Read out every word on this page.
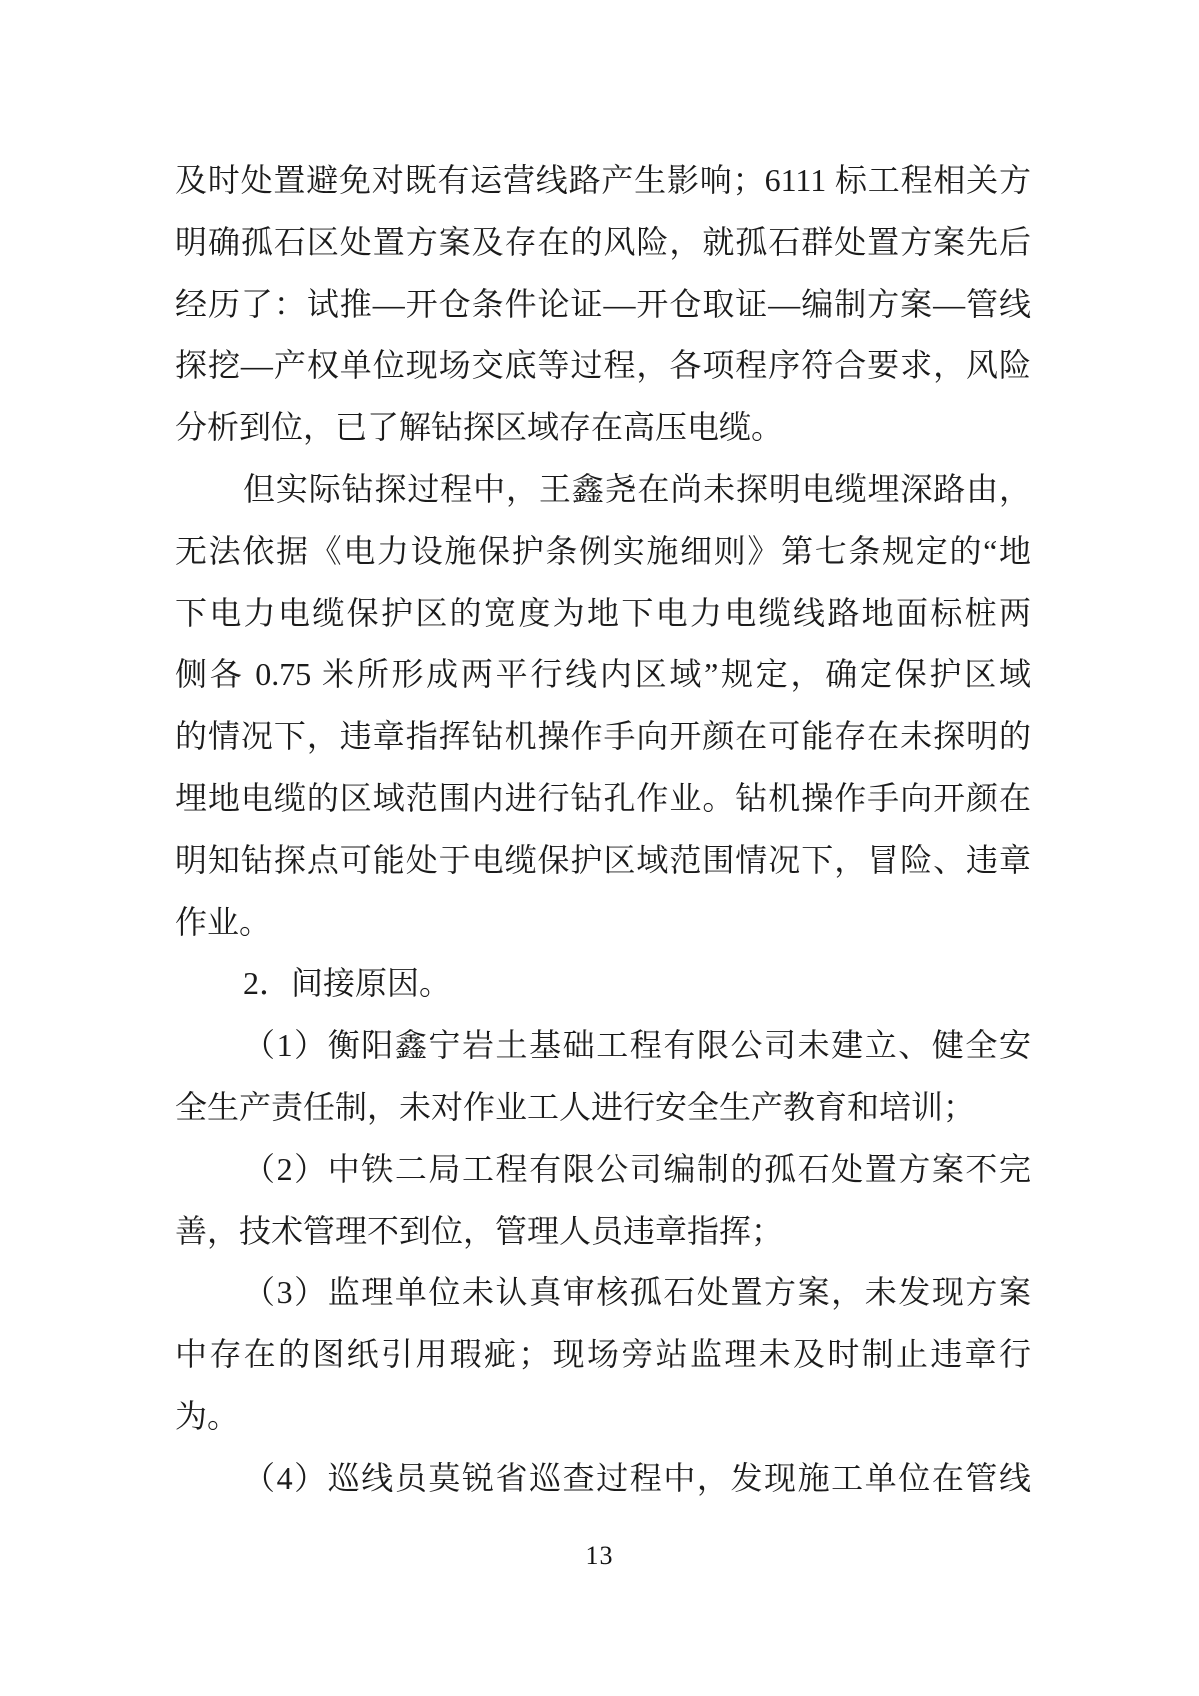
及时处置避免对既有运营线路产生影响；6111 标工程相关方
明确孤石区处置方案及存在的风险，就孤石群处置方案先后
经历了：试推—开仓条件论证—开仓取证—编制方案—管线
探挖—产权单位现场交底等过程，各项程序符合要求，风险
分析到位，已了解钻探区域存在高压电缆。
但实际钻探过程中，王鑫尧在尚未探明电缆埋深路由，
无法依据《电力设施保护条例实施细则》第七条规定的“地
下电力电缆保护区的宽度为地下电力电缆线路地面标桩两
侧各 0.75 米所形成两平行线内区域”规定，确定保护区域
的情况下，违章指挥钻机操作手向开颜在可能存在未探明的
埋地电缆的区域范围内进行钻孔作业。钻机操作手向开颜在
明知钻探点可能处于电缆保护区域范围情况下，冒险、违章
作业。
2．间接原因。
（1）衡阳鑫宁岩土基础工程有限公司未建立、健全安
全生产责任制，未对作业工人进行安全生产教育和培训；
（2）中铁二局工程有限公司编制的孤石处置方案不完
善，技术管理不到位，管理人员违章指挥；
（3）监理单位未认真审核孤石处置方案，未发现方案
中存在的图纸引用瑕疵；现场旁站监理未及时制止违章行
为。
（4）巡线员莫锐省巡查过程中，发现施工单位在管线
13
